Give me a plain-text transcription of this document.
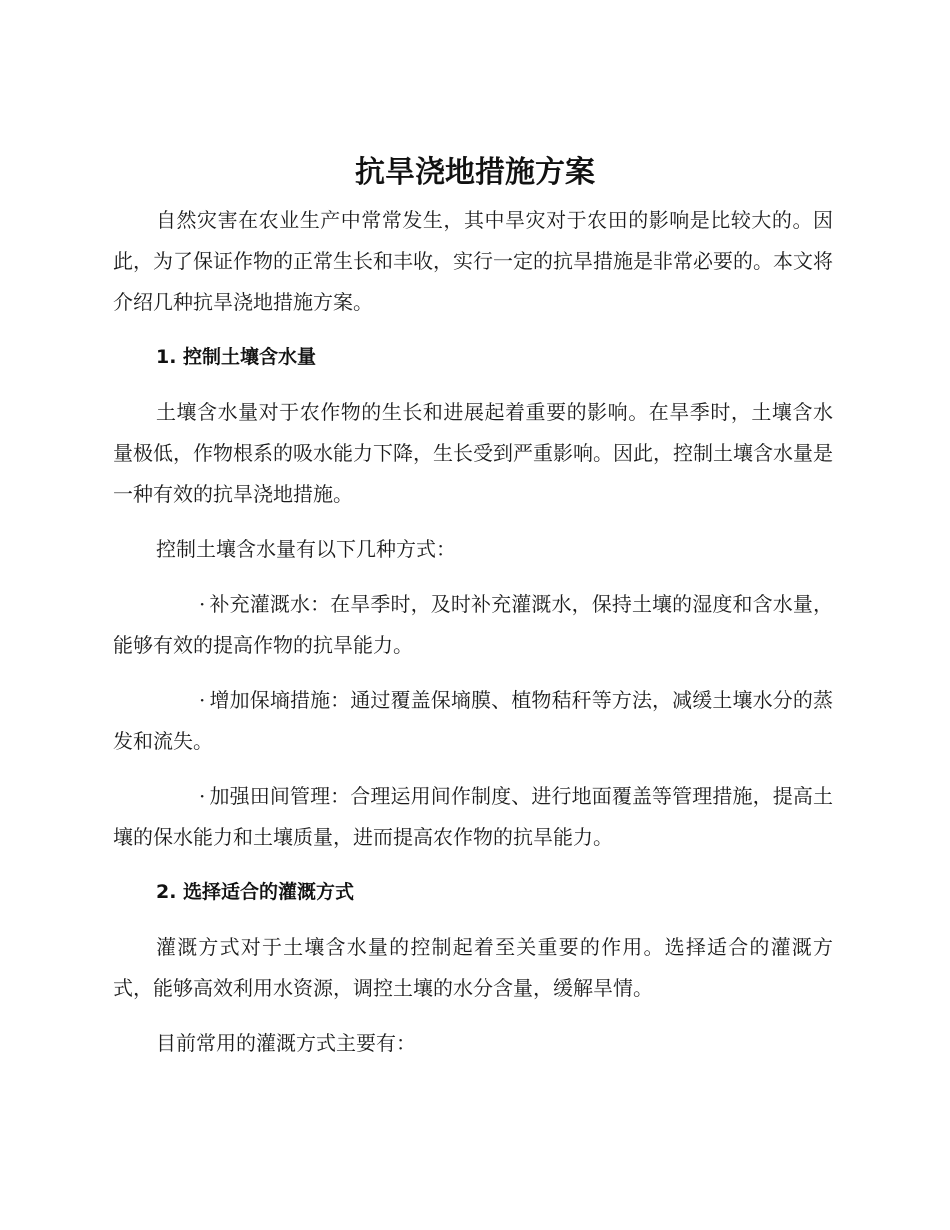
抗旱浇地措施方案

自然灾害在农业生产中常常发生，其中旱灾对于农田的影响是比较大的。因此，为了保证作物的正常生长和丰收，实行一定的抗旱措施是非常必要的。本文将介绍几种抗旱浇地措施方案。

1. 控制土壤含水量

土壤含水量对于农作物的生长和进展起着重要的影响。在旱季时，土壤含水量极低，作物根系的吸水能力下降，生长受到严重影响。因此，控制土壤含水量是一种有效的抗旱浇地措施。

控制土壤含水量有以下几种方式：

· 补充灌溉水：在旱季时，及时补充灌溉水，保持土壤的湿度和含水量，能够有效的提高作物的抗旱能力。

· 增加保墒措施：通过覆盖保墒膜、植物秸秆等方法，减缓土壤水分的蒸发和流失。

· 加强田间管理：合理运用间作制度、进行地面覆盖等管理措施，提高土壤的保水能力和土壤质量，进而提高农作物的抗旱能力。

2. 选择适合的灌溉方式

灌溉方式对于土壤含水量的控制起着至关重要的作用。选择适合的灌溉方式，能够高效利用水资源，调控土壤的水分含量，缓解旱情。

目前常用的灌溉方式主要有：
